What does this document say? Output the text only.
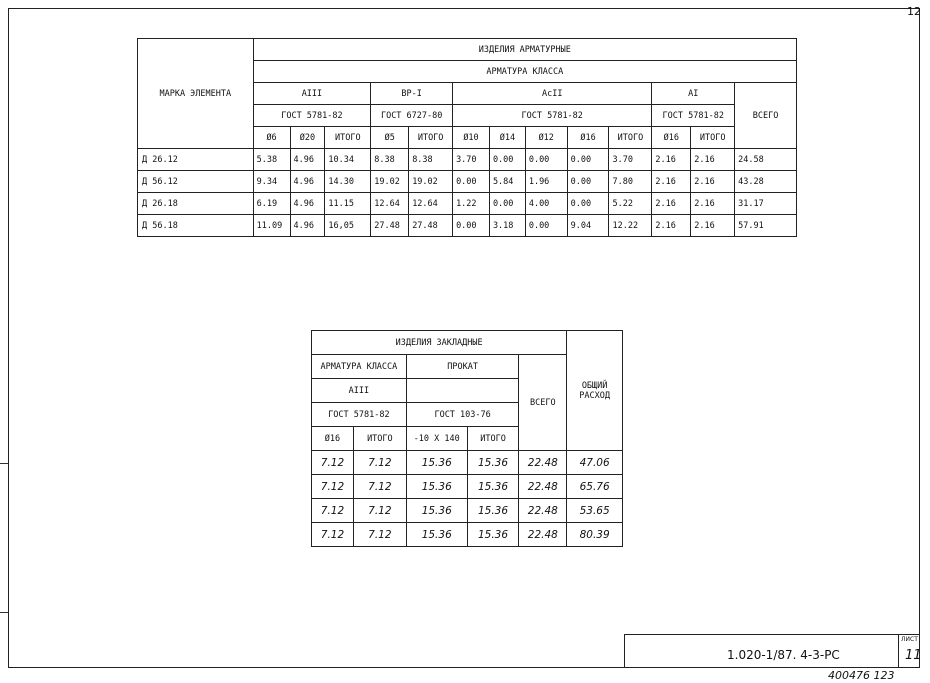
12
МАРКА ЭЛЕМЕНТА	ИЗДЕЛИЯ АРМАТУРНЫЕ												
	АРМАТУРА КЛАССА												
	AIII			BP-I		AcII					AI		ВСЕГО
	ГОСТ 5781-82			ГОСТ 6727-80		ГОСТ 5781-82					ГОСТ 5781-82		
	Ø6	Ø20	ИТОГО	Ø5	ИТОГО	Ø10	Ø14	Ø12	Ø16	ИТОГО	Ø16	ИТОГО	
Д 26.12	5.38	4.96	10.34	8.38	8.38	3.70	0.00	0.00	0.00	3.70	2.16	2.16	24.58
Д 56.12	9.34	4.96	14.30	19.02	19.02	0.00	5.84	1.96	0.00	7.80	2.16	2.16	43.28
Д 26.18	6.19	4.96	11.15	12.64	12.64	1.22	0.00	4.00	0.00	5.22	2.16	2.16	31.17
Д 56.18	11.09	4.96	16,05	27.48	27.48	0.00	3.18	0.00	9.04	12.22	2.16	2.16	57.91
ИЗДЕЛИЯ ЗАКЛАДНЫЕ					ОБЩИЙ
РАСХОД
АРМАТУРА КЛАССА		ПРОКАТ		ВСЕГО	
AIII					
ГОСТ 5781-82		ГОСТ 103-76			
Ø16	ИТОГО	-10 X 140	ИТОГО		
7.12	7.12	15.36	15.36	22.48	47.06
7.12	7.12	15.36	15.36	22.48	65.76
7.12	7.12	15.36	15.36	22.48	53.65
7.12	7.12	15.36	15.36	22.48	80.39
1.020-1/87. 4-3-РС
ЛИСТ
11
400476 123
